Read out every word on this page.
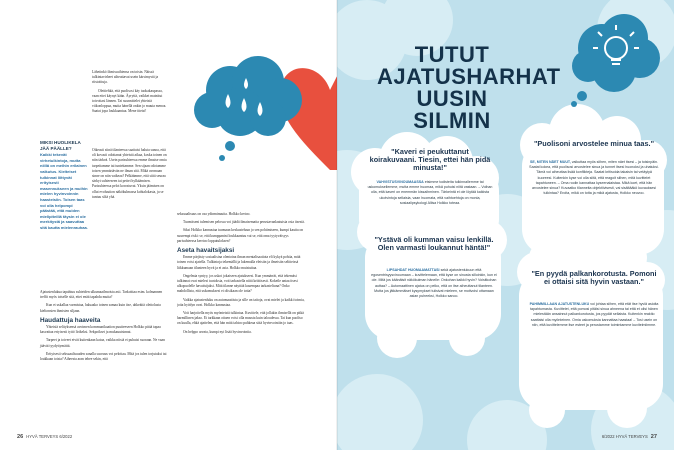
Lähetinkö iltmissuihiensa on toisin. Näissä tulkintavirheet aiheuttavat usein kärsimystä ja riistoittuja.

Olettiehkä, että puolisosi käy tuokakaupassa, vaan ettei käynyt kään. Äyryttä, vaikket mainitut toivottasi lännen. Tai suunnittelet yhteistä viikonloppua, mutta hänellä onkin jo muuta menoa. Saatat jopa loukkaantua. Mene itteisi!

MIKSI HUOLIKELA JÄÄ PÄÄLLE?
Kaikki tekevät virhetulkintoja, mutta niillä on meihin erilainen vaikutus. Kielteiset tulkinnat liittyvät erityisesti masennukseen ja muihin mielen hyvinvoinnin haasteisiin. Toisen taas voi olla helpompi päästää, että muiden mielipiteillä täysin ei ole merkitystä ja saavuttaa sitä kautta mielenrauhaa.

Oikeasti siinä tilanteessa saattaisi haluta sanoa, että oli kovasti odottanut yhteistä aikaa, koska toinen on niin tärkeä. Usein parisuhteessa emme ilmaise omia tarpeitamme tai tunteitamme. Sen sijaan odotamme toisen ymmärtävän ne ilman sitä. Mikä avomaan sinne on niin vaikeaa? Pelkäämme, että siitä seuraa särkyt suhteeseen tai pettei hylkäämisen. Parisuhteessa pelot korostuvat. Yksin jäämisen on ollut evoluution näkökulmassa kohtalokasta, ja se tuntuu siltä yhä.

Ajatustenlukua tapahtuu suhteiden ulkumaailmoista asti. Tarkoittaa esim. kolmannen treffit myös toiselle sitä, ettei enää tapahdu mutta?

Kun et uskallaa varmistaa, haluaako toinen samaa kuin itse, uhkeäitä olettolusta kieltonsien ihmisten siljaan.

Haudattuja haaveita

Yhteisiä selityksensä avoimen kommunikaation puutteeseen Holkko pitää tapaa kasvattaa ertyisesti tyttö lirikeksi. Sekpoikset ja mukauutsinnat.

Tarpeet ja toiveet eivät kuitenkaan katoa, vaikka niistä ei puhuisi suoraan. Ne vaan jäävät tyydyttymättä.

Erityisesti seksuaalisuuden sanalla suoruus voi pelottaa. Mitä jos tulen torjutuksi tai loukkaan toista? Aiheesta aran tehee sekin, että

seksuaalisuus on osa ydinminuutta. Holkko kertoo.

Tuomitseni tulemisen pelossa voi jäädä ilmaisematta perustavanlaatuisia osia itsestä.

Siksi Holkko kannustaa tuomaan keskusteluun jo sen pohtimiseen, kumpi kautta on suurempi riski: se, että kumppanini loukkaantuu vai se, että oma tyytyväisyys parisuhteessa kerrtoo lopputuloksen?

Aseta havaitsijaksi

Emme pärjästy sosiaalisina olentoina ilman mentalisaatiota eli kykyä pohtia, mitä toinen voisi ajatella. Tulkintoja tekemällä ja lukemalla eleisiin ja ilmeisiin selitteissä liikkumaan tilanteen hyvä ja ei asia. Holkko muistuttaa.

Ongelmia syntyy, jos uskot jokaiseen ajatukseesi. Kun ymmärrät, että tekemäsi tulkinnat ovat mielesi tuotoksia, voit tarkastella niitä kriittisesti. Kokeile antaa itsesi ulkopuolelle havaitsijaksi. Mitä tilanne näyttää kauempaa tarkasteltuna? Onko mahdollista, että uskomuksesi ei olisikaan ole totta?

Vaikka ajatustenluku on automaattista ja sille on taitoja, ovat mielet ja kaikki toimia, joita hyödyn ovat. Holkko kannustaa.

Voit harjoitella myös myönteistä tulkintaa. Kuvittele, että jollakin ihmisellä on pitkä harmillinen jakso. Ei tarkkaan ottaen voisi olla muusta kuin taloudessa. Tai kun puoliso on kuulla, ehkä ajattelen, että hän mitä tahtoo puhkeaa siitä hyvinvointiin jo taas.

On helppo arvata, kumpi nyt lisää hyvinvointia.

26 HYVÄ TERVEYS 6/2022
TUTUT AJATUSHARHAT UUSIN SILMIN
"Kaveri ei peukuttanut koirakuvaani. Tiesin, ettei hän pidä minusta!"
VAHVISTUSVINOUMAASSA etsimme todisteita tulkinnallemme tai uskomuksellemme, mutta emme huomaa, mikä puhuisi niitä vastaan. – Voihan olla, että kaveri on enemmän kissaihminen. Tärkeintä ei ole löytää kaikista ukotvintoja sellaisia, vaan huomata, että vaihtoehtoja on monia, sosiaalipsykologi Aliisa Holkko toteaa.
"Puolisoni arvostelee minua taas."
SE, MITEN NÄET MUUT, vaikuttaa myös siihen, miten näet itsesi – ja toisinpäin. Saatat kokea, että puolisosi arvostelee sinua ja tunnet itsesi huonoksi ja uhatuksi. Tämä voi aiheuttaa lisää konflikteja. Saatat kritisoida takaisin tai vetäytyä kuoreesi. Kuitenkin kyse voi olla siitä, että reagoit siihen, mitä kuvittelet tapahtuneen. – Oma roolin kannattaa kyseenalaistaa. Mikä koet, että hän arvostelee sinua? Kuvaatko tilanneita objektiivisesti, vai sisältääkö kuvauksesi tulkintaa? Eroita, mikä on totta ja mikä ajatusta, Holkko neuvoo.
"Ystävä oli kumman vaisu lenkillä. Olen varmasti loukannut häntä!"
LIPSAHDAT HUOMAAMATTASI sekä ajatustenlukuun että egosentrisyysvinoumaan – kuvittelemaan, että kyse on sinusta silloinkin, kun ei ole. Mitä jos käänäisit näkökulman hänelle: Onkohan kaikki hyvin? Voisitkohan auttaa? – Automaattinen ajatus on pelko, että on itse aiheuttanut tilanteen. Mutta jos jätkämmäiset kysymykset tulisivat mieleen, se motivoisi ottamaan asian puheeksi, Holkko sanoo.
"En pyydä palkankorotusta. Pomoni ei ottaisi sitä hyvin vastaan."
PAHIMMILLAAN AJATUSTENLUKU voi johtaa siihen, että etät itse hyviä asioita tapahtumasta. Kuvittelet, että pomosi pitäisi sinua ahneena tai että et olisi hänen mielestään ansainnut palkankorotusta, jos pyydät sellaista. Kuitenkin reaktio saattaisi olla myönteinen. Omia uskomuksia kannattaa haastaa! – Tosi usein on niin, että kuvittelemme itse esteet ja perustamme toimintamme kuvitelmiimme.
6/2022 HYVÄ TERVEYS 27
